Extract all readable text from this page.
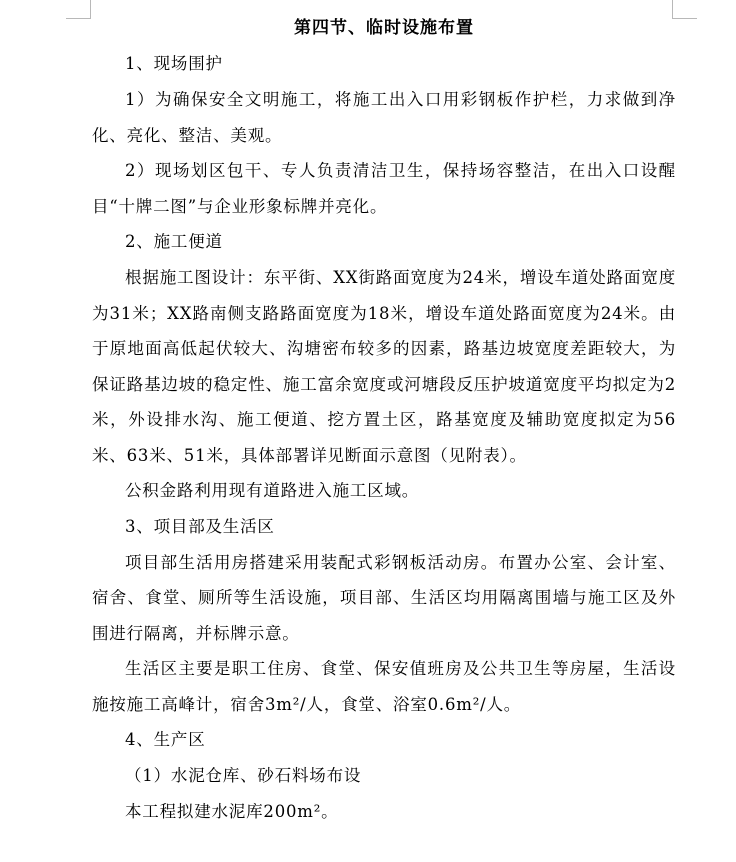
第四节、临时设施布置

1、现场围护

1）为确保安全文明施工，将施工出入口用彩钢板作护栏，力求做到净化、亮化、整洁、美观。

2）现场划区包干、专人负责清洁卫生，保持场容整洁，在出入口设醒目“十牌二图”与企业形象标牌并亮化。

2、施工便道

根据施工图设计：东平街、XX街路面宽度为24米，增设车道处路面宽度为31米；XX路南侧支路路面宽度为18米，增设车道处路面宽度为24米。由于原地面高低起伏较大、沟塘密布较多的因素，路基边坡宽度差距较大，为保证路基边坡的稳定性、施工富余宽度或河塘段反压护坡道宽度平均拟定为2米，外设排水沟、施工便道、挖方置土区，路基宽度及辅助宽度拟定为56米、63米、51米，具体部署详见断面示意图（见附表）。

公积金路利用现有道路进入施工区域。

3、项目部及生活区

项目部生活用房搭建采用装配式彩钢板活动房。布置办公室、会计室、宿舍、食堂、厕所等生活设施，项目部、生活区均用隔离围墙与施工区及外围进行隔离，并标牌示意。

生活区主要是职工住房、食堂、保安值班房及公共卫生等房屋，生活设施按施工高峰计，宿舍3m²/人，食堂、浴室0.6m²/人。

4、生产区

（1）水泥仓库、砂石料场布设

本工程拟建水泥库200m²。
